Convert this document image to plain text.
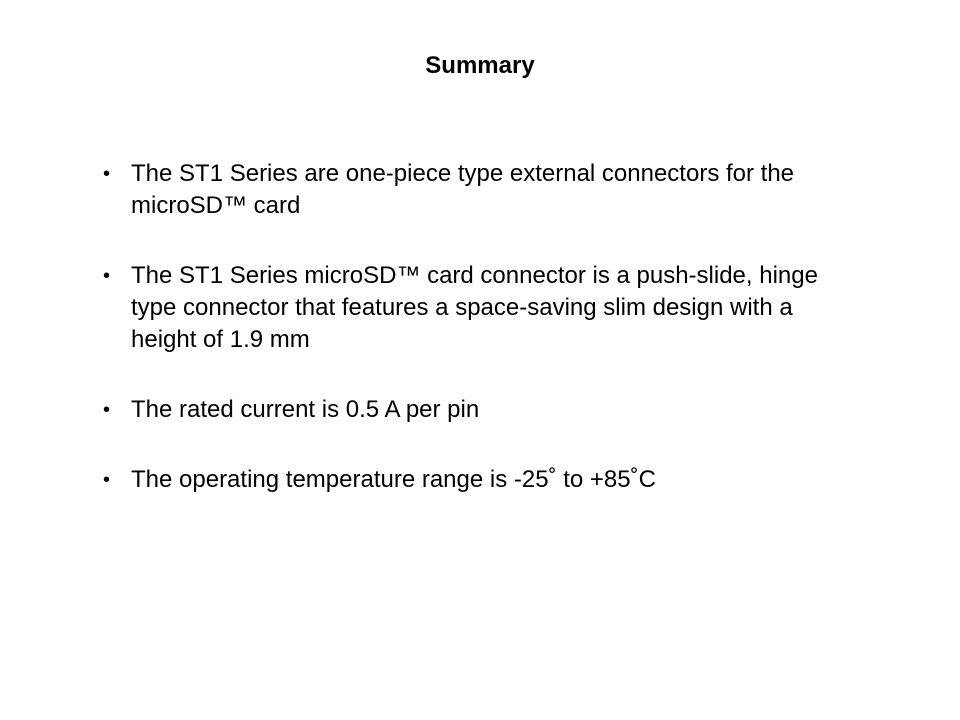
Summary
• The ST1 Series are one-piece type external connectors for the microSD™ card
• The ST1 Series microSD™ card connector is a push-slide, hinge type connector that features a space-saving slim design with a height of 1.9 mm
• The rated current is 0.5 A per pin
• The operating temperature range is -25˚ to +85˚C
